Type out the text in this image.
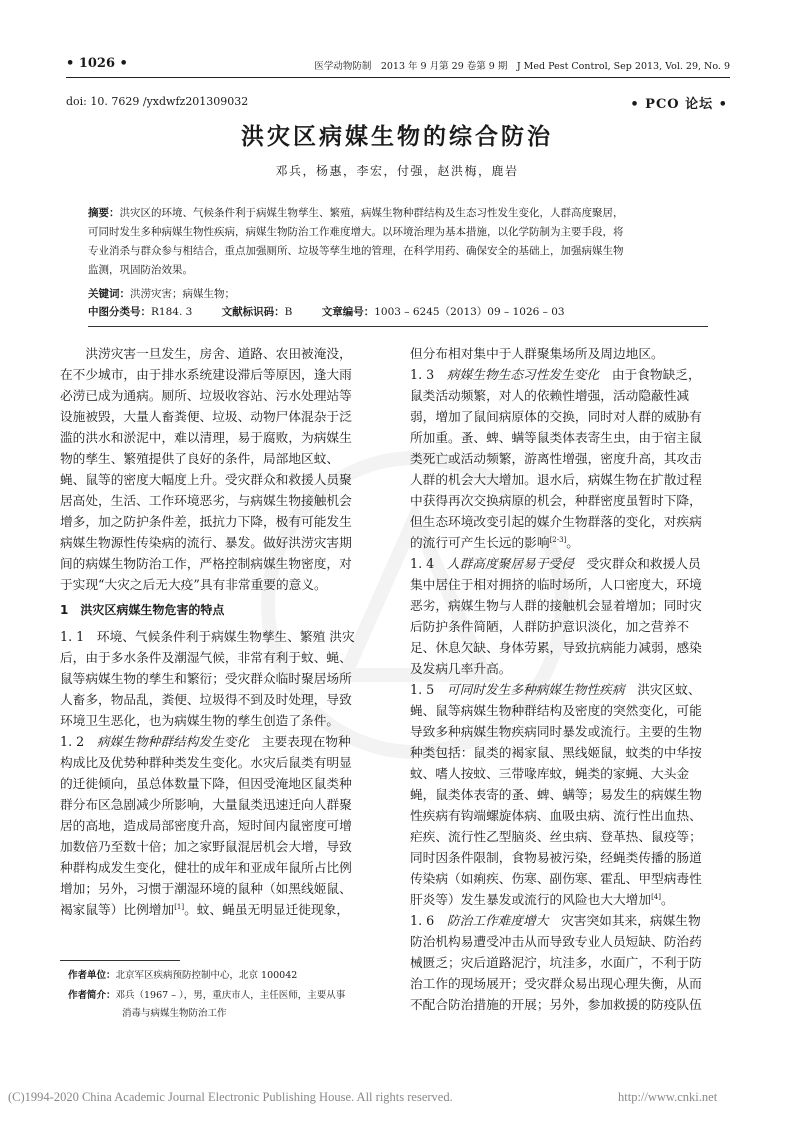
• 1026 •	医学动物防制　2013 年 9 月第 29 卷第 9 期　J Med Pest Control, Sep 2013, Vol. 29, No. 9
doi: 10. 7629 /yxdwfz201309032	• PCO 论坛 •
洪灾区病媒生物的综合防治
邓兵，杨惠，李宏，付强，赵洪梅，鹿岩
摘要：洪灾区的环境、气候条件利于病媒生物孳生、繁殖，病媒生物种群结构及生态习性发生变化，人群高度聚居，
可同时发生多种病媒生物性疾病，病媒生物防治工作难度增大。以环境治理为基本措施，以化学防制为主要手段，将
专业消杀与群众参与相结合，重点加强厕所、垃圾等孳生地的管理，在科学用药、确保安全的基础上，加强病媒生物
监测，巩固防治效果。
关键词：洪涝灾害；病媒生物；
中图分类号：R184. 3	文献标识码：B	文章编号：1003 – 6245（2013）09 – 1026 – 03
　　洪涝灾害一旦发生，房舍、道路、农田被淹没，
在不少城市，由于排水系统建设滞后等原因，逢大雨
必涝已成为通病。厕所、垃圾收容站、污水处理站等
设施被毁，大量人畜粪便、垃圾、动物尸体混杂于泛
滥的洪水和淤泥中，难以清理，易于腐败，为病媒生
物的孳生、繁殖提供了良好的条件，局部地区蚊、
蝇、鼠等的密度大幅度上升。受灾群众和救援人员聚
居高处，生活、工作环境恶劣，与病媒生物接触机会
增多，加之防护条件差，抵抗力下降，极有可能发生
病媒生物源性传染病的流行、暴发。做好洪涝灾害期
间的病媒生物防治工作，严格控制病媒生物密度，对
于实现“大灾之后无大疫”具有非常重要的意义。
1　洪灾区病媒生物危害的特点
1. 1　环境、气候条件利于病媒生物孳生、繁殖 洪灾
后，由于多水条件及潮湿气候，非常有利于蚊、蝇、
鼠等病媒生物的孳生和繁衍；受灾群众临时聚居场所
人畜多，物品乱，粪便、垃圾得不到及时处理，导致
环境卫生恶化，也为病媒生物的孳生创造了条件。
1. 2　病媒生物种群结构发生变化　主要表现在物种
构成比及优势种群种类发生变化。水灾后鼠类有明显
的迁徙倾向，虽总体数量下降，但因受淹地区鼠类种
群分布区急剧减少所影响，大量鼠类迅速迁向人群聚
居的高地，造成局部密度升高，短时间内鼠密度可增
加数倍乃至数十倍；加之家野鼠混居机会大增，导致
种群构成发生变化，健壮的成年和亚成年鼠所占比例
增加；另外，习惯于潮湿环境的鼠种（如黑线姬鼠、
褐家鼠等）比例增加[1]。蚊、蝇虽无明显迁徙现象，
作者单位：北京军区疾病预防控制中心，北京 100042
作者简介：邓兵（1967 – ），男，重庆市人，主任医师，主要从事
消毒与病媒生物防治工作
但分布相对集中于人群聚集场所及周边地区。
1. 3　病媒生物生态习性发生变化　由于食物缺乏，
鼠类活动频繁，对人的依赖性增强，活动隐蔽性减
弱，增加了鼠间病原体的交换，同时对人群的威胁有
所加重。蚤、蜱、螨等鼠类体表寄生虫，由于宿主鼠
类死亡或活动频繁，游离性增强，密度升高，其攻击
人群的机会大大增加。退水后，病媒生物在扩散过程
中获得再次交换病原的机会，种群密度虽暂时下降，
但生态环境改变引起的媒介生物群落的变化，对疾病
的流行可产生长远的影响[2-3]。
1. 4　人群高度聚居易于受侵　受灾群众和救援人员
集中居住于相对拥挤的临时场所，人口密度大，环境
恶劣，病媒生物与人群的接触机会显着增加；同时灾
后防护条件简陋，人群防护意识淡化，加之营养不
足、休息欠缺、身体劳累，导致抗病能力减弱，感染
及发病几率升高。
1. 5　可同时发生多种病媒生物性疾病　洪灾区蚊、
蝇、鼠等病媒生物种群结构及密度的突然变化，可能
导致多种病媒生物疾病同时暴发或流行。主要的生物
种类包括：鼠类的褐家鼠、黑线姬鼠，蚊类的中华按
蚊、嗜人按蚊、三带喙库蚊，蝇类的家蝇、大头金
蝇，鼠类体表寄的蚤、蜱、螨等；易发生的病媒生物
性疾病有钩端螺旋体病、血吸虫病、流行性出血热、
疟疾、流行性乙型脑炎、丝虫病、登革热、鼠疫等；
同时因条件限制，食物易被污染，经蝇类传播的肠道
传染病（如痢疾、伤寒、副伤寒、霍乱、甲型病毒性
肝炎等）发生暴发或流行的风险也大大增加[4]。
1. 6　防治工作难度增大　灾害突如其来，病媒生物
防治机构易遭受冲击从而导致专业人员短缺、防治药
械匮乏；灾后道路泥泞，坑洼多，水面广，不利于防
治工作的现场展开；受灾群众易出现心理失衡，从而
不配合防治措施的开展；另外，参加救援的防疫队伍
(C)1994-2020 China Academic Journal Electronic Publishing House. All rights reserved.	http://www.cnki.net
